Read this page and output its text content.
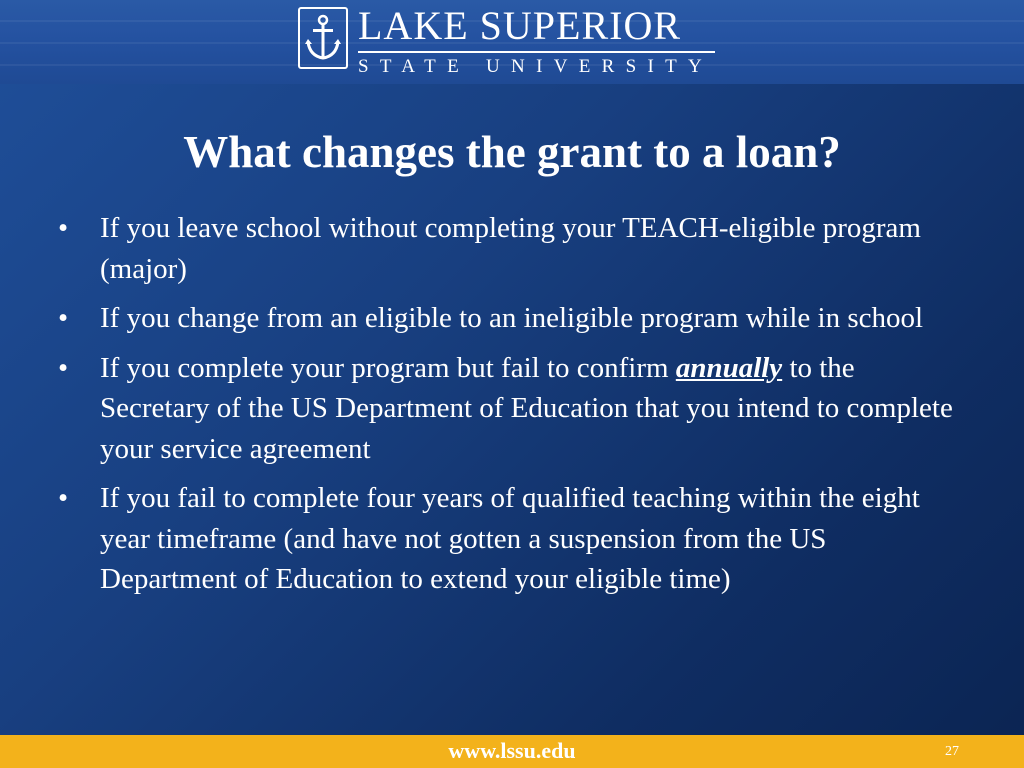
LAKE SUPERIOR
STATE UNIVERSITY
What changes the grant to a loan?
• If you leave school without completing your TEACH-eligible program (major)
• If you change from an eligible to an ineligible program while in school
• If you complete your program but fail to confirm annually to the Secretary of the US Department of Education that you intend to complete your service agreement
• If you fail to complete four years of qualified teaching within the eight year timeframe (and have not gotten a suspension from the US Department of Education to extend your eligible time)
www.lssu.edu	27
